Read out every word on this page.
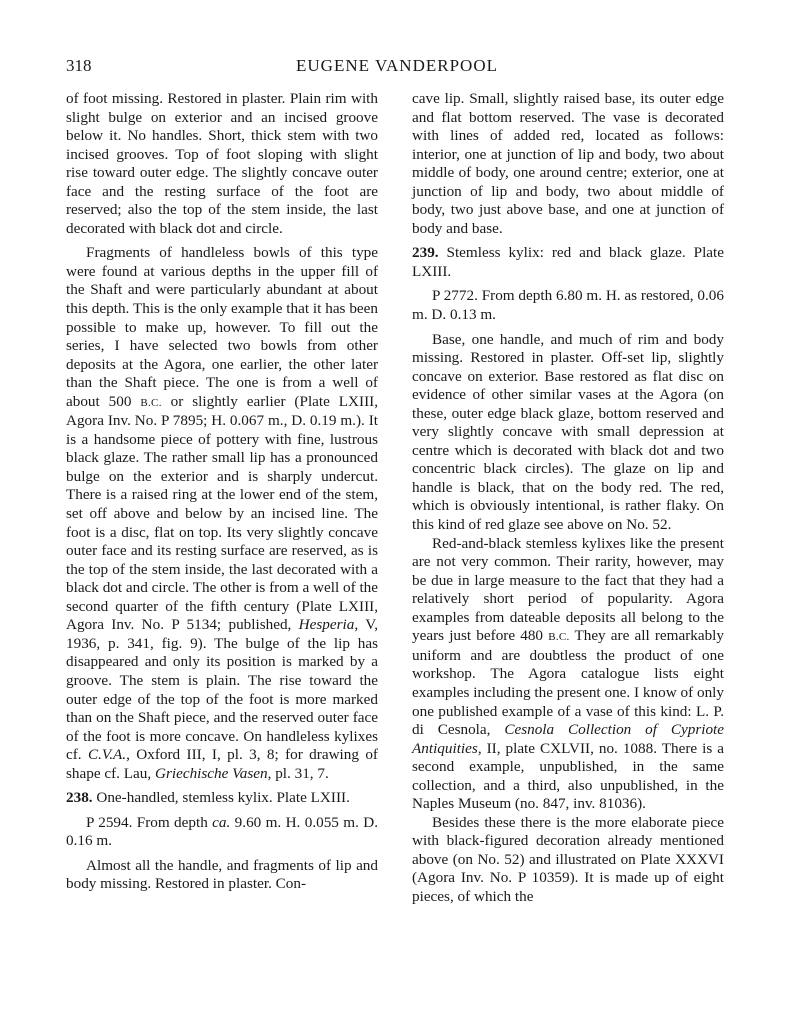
318	EUGENE VANDERPOOL

of foot missing. Restored in plaster. Plain rim with slight bulge on exterior and an incised groove below it. No handles. Short, thick stem with two incised grooves. Top of foot sloping with slight rise toward outer edge. The slightly concave outer face and the resting surface of the foot are reserved; also the top of the stem inside, the last decorated with black dot and circle.

Fragments of handleless bowls of this type were found at various depths in the upper fill of the Shaft and were particularly abundant at about this depth. This is the only example that it has been possible to make up, however. To fill out the series, I have selected two bowls from other deposits at the Agora, one earlier, the other later than the Shaft piece. The one is from a well of about 500 B.C. or slightly earlier (Plate LXIII, Agora Inv. No. P 7895; H. 0.067 m., D. 0.19 m.). It is a handsome piece of pottery with fine, lustrous black glaze. The rather small lip has a pronounced bulge on the exterior and is sharply undercut. There is a raised ring at the lower end of the stem, set off above and below by an incised line. The foot is a disc, flat on top. Its very slightly concave outer face and its resting surface are reserved, as is the top of the stem inside, the last decorated with a black dot and circle. The other is from a well of the second quarter of the fifth century (Plate LXIII, Agora Inv. No. P 5134; published, Hesperia, V, 1936, p. 341, fig. 9). The bulge of the lip has disappeared and only its position is marked by a groove. The stem is plain. The rise toward the outer edge of the top of the foot is more marked than on the Shaft piece, and the reserved outer face of the foot is more concave. On handleless kylixes cf. C.V.A., Oxford III, I, pl. 3, 8; for drawing of shape cf. Lau, Griechische Vasen, pl. 31, 7.

238. One-handled, stemless kylix. Plate LXIII.

P 2594. From depth ca. 9.60 m. H. 0.055 m. D. 0.16 m.

Almost all the handle, and fragments of lip and body missing. Restored in plaster. Con-

cave lip. Small, slightly raised base, its outer edge and flat bottom reserved. The vase is decorated with lines of added red, located as follows: interior, one at junction of lip and body, two about middle of body, one around centre; exterior, one at junction of lip and body, two about middle of body, two just above base, and one at junction of body and base.

239. Stemless kylix: red and black glaze. Plate LXIII.

P 2772. From depth 6.80 m. H. as restored, 0.06 m. D. 0.13 m.

Base, one handle, and much of rim and body missing. Restored in plaster. Off-set lip, slightly concave on exterior. Base restored as flat disc on evidence of other similar vases at the Agora (on these, outer edge black glaze, bottom reserved and very slightly concave with small depression at centre which is decorated with black dot and two concentric black circles). The glaze on lip and handle is black, that on the body red. The red, which is obviously intentional, is rather flaky. On this kind of red glaze see above on No. 52.

Red-and-black stemless kylixes like the present are not very common. Their rarity, however, may be due in large measure to the fact that they had a relatively short period of popularity. Agora examples from dateable deposits all belong to the years just before 480 B.C. They are all remarkably uniform and are doubtless the product of one workshop. The Agora catalogue lists eight examples including the present one. I know of only one published example of a vase of this kind: L. P. di Cesnola, Cesnola Collection of Cypriote Antiquities, II, plate CXLVII, no. 1088. There is a second example, unpublished, in the same collection, and a third, also unpublished, in the Naples Museum (no. 847, inv. 81036).

Besides these there is the more elaborate piece with black-figured decoration already mentioned above (on No. 52) and illustrated on Plate XXXVI (Agora Inv. No. P 10359). It is made up of eight pieces, of which the
